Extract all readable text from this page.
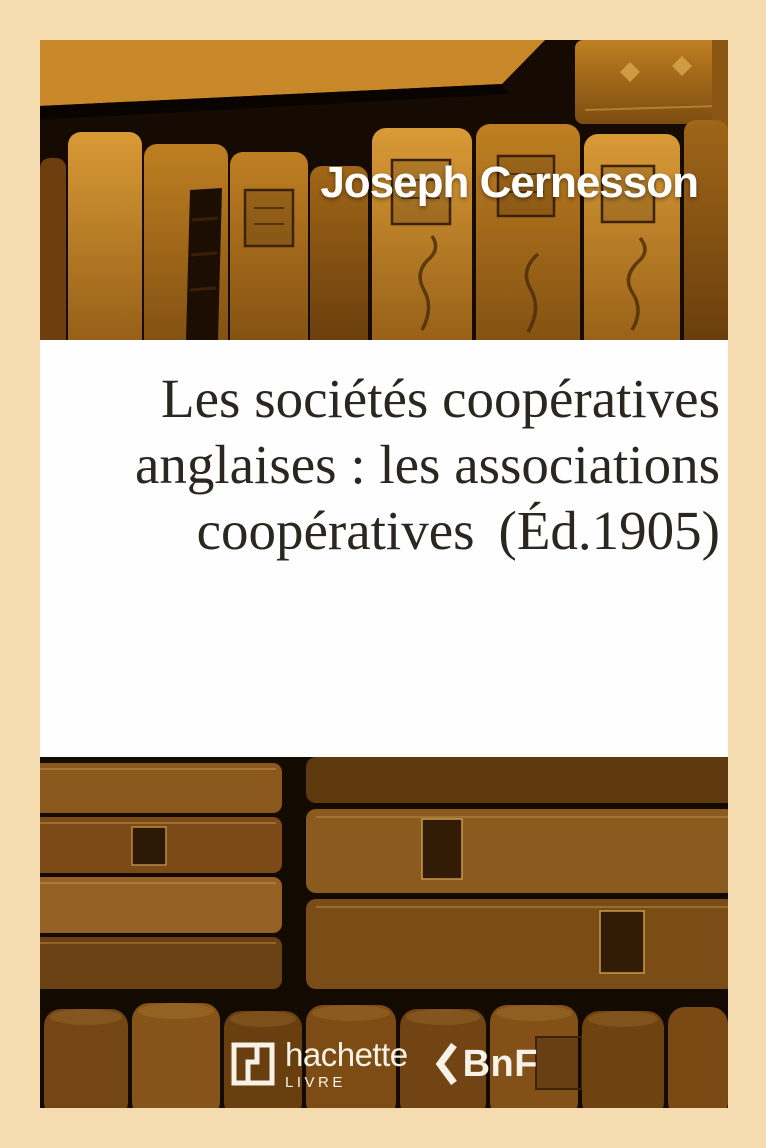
Joseph Cernesson
Les sociétés coopératives
anglaises : les associations
coopératives (Éd.1905)
hachette
LIVRE	BnF
